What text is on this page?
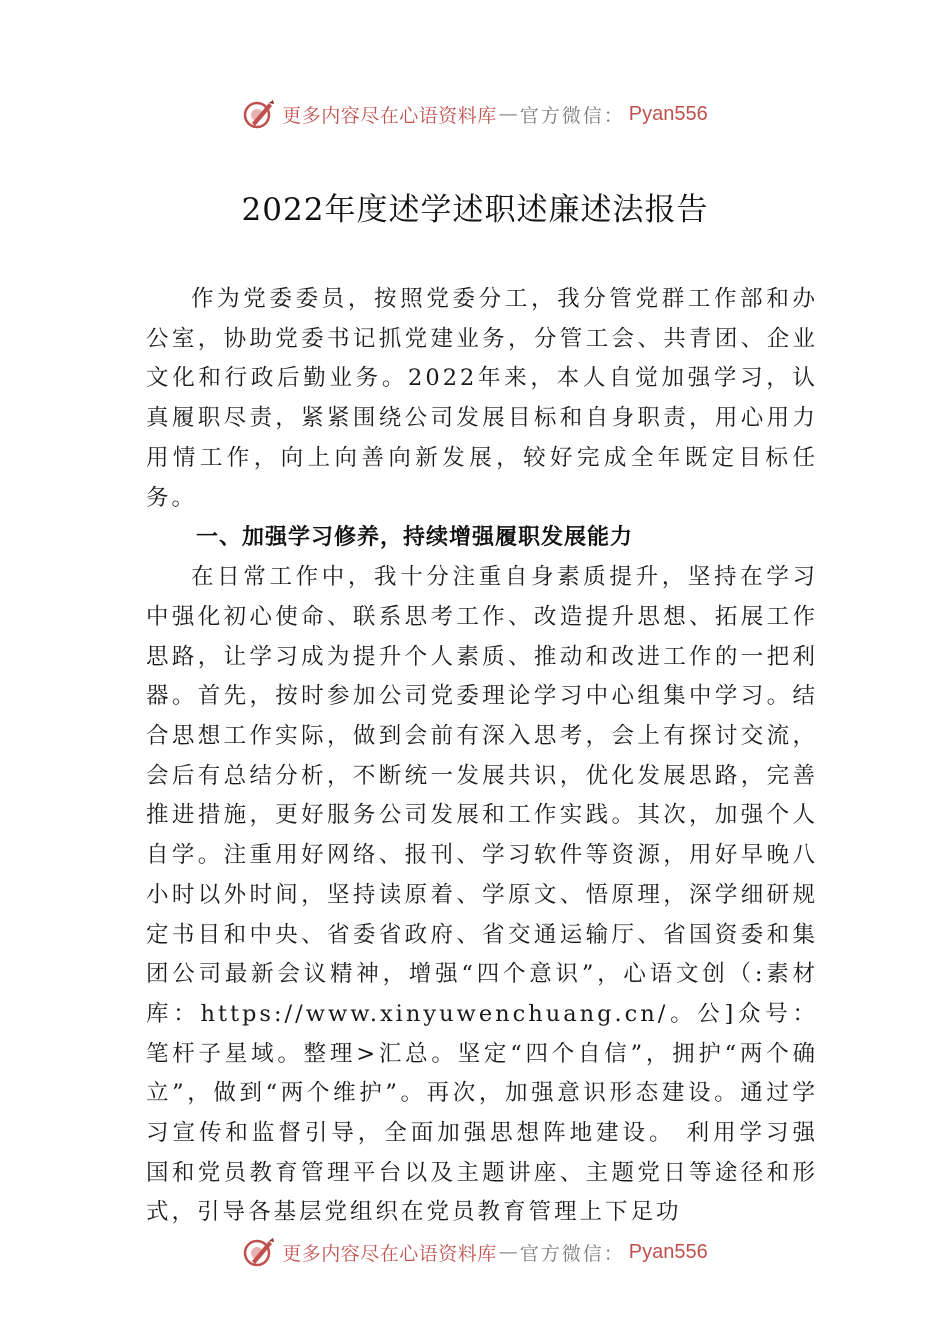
更多内容尽在心语资料库 — 官方微信： Pyan556
2022年度述学述职述廉述法报告

作为党委委员，按照党委分工，我分管党群工作部和办公室，协助党委书记抓党建业务，分管工会、共青团、企业文化和行政后勤业务。2022年来，本人自觉加强学习，认真履职尽责，紧紧围绕公司发展目标和自身职责，用心用力用情工作，向上向善向新发展，较好完成全年既定目标任务。

一、加强学习修养，持续增强履职发展能力

在日常工作中，我十分注重自身素质提升，坚持在学习中强化初心使命、联系思考工作、改造提升思想、拓展工作思路，让学习成为提升个人素质、推动和改进工作的一把利器。首先，按时参加公司党委理论学习中心组集中学习。结合思想工作实际，做到会前有深入思考，会上有探讨交流，会后有总结分析，不断统一发展共识，优化发展思路，完善推进措施，更好服务公司发展和工作实践。其次，加强个人自学。注重用好网络、报刊、学习软件等资源，用好早晚八小时以外时间，坚持读原着、学原文、悟原理，深学细研规定书目和中央、省委省政府、省交通运输厅、省国资委和集团公司最新会议精神，增强“四个意识”，心语文创（:素材库：https://www.xinyuwenchuang.cn/。公]众号：笔杆子星域。整理>汇总。坚定“四个自信”，拥护“两个确立”，做到“两个维护”。再次，加强意识形态建设。通过学习宣传和监督引导，全面加强思想阵地建设。 利用学习强国和党员教育管理平台以及主题讲座、主题党日等途径和形式，引导各基层党组织在党员教育管理上下足功

更多内容尽在心语资料库 — 官方微信： Pyan556
